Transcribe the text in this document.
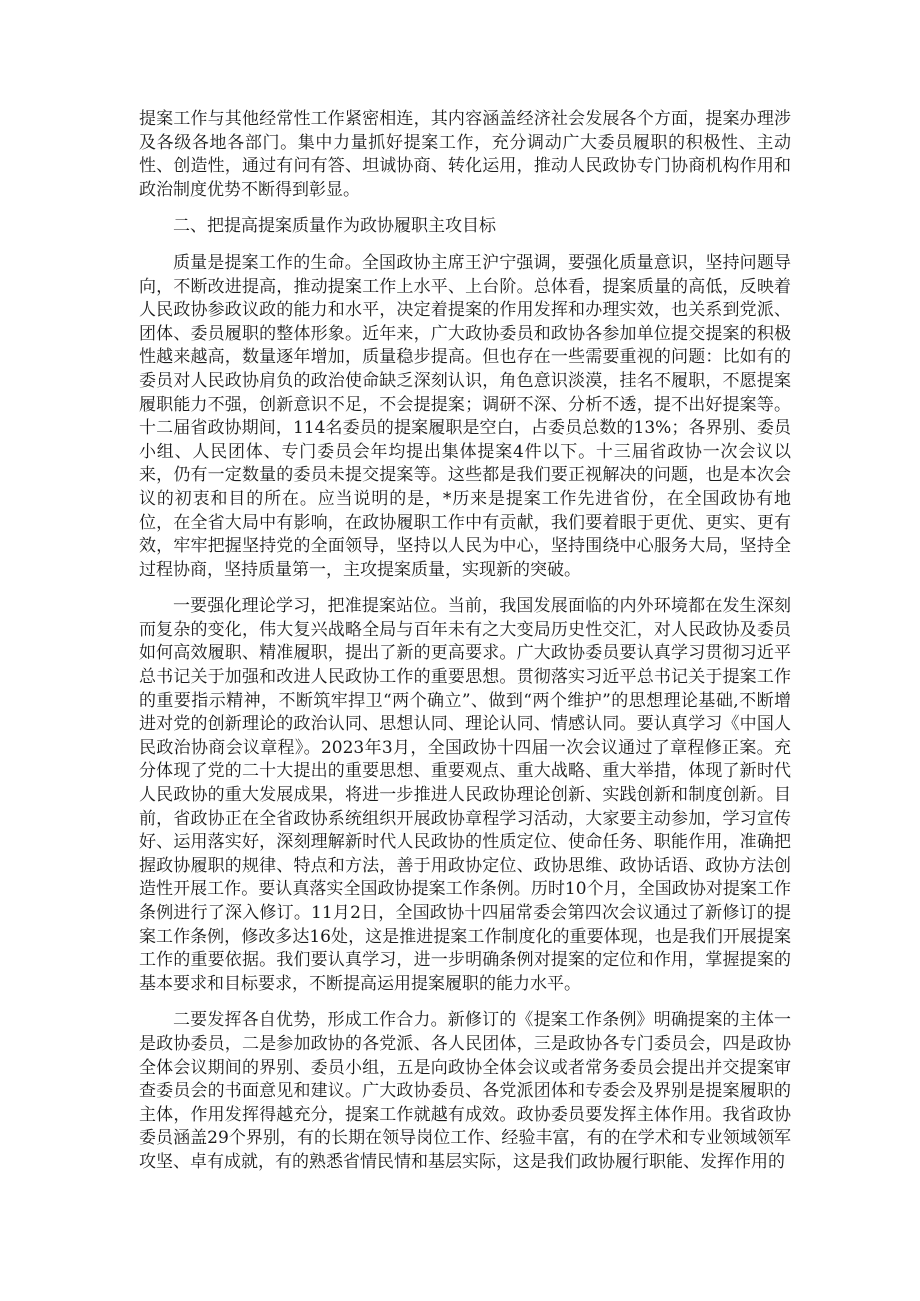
提案工作与其他经常性工作紧密相连，其内容涵盖经济社会发展各个方面，提案办理涉及各级各地各部门。集中力量抓好提案工作，充分调动广大委员履职的积极性、主动性、创造性，通过有问有答、坦诚协商、转化运用，推动人民政协专门协商机构作用和政治制度优势不断得到彰显。

二、把提高提案质量作为政协履职主攻目标

质量是提案工作的生命。全国政协主席王沪宁强调，要强化质量意识，坚持问题导向，不断改进提高，推动提案工作上水平、上台阶。总体看，提案质量的高低，反映着人民政协参政议政的能力和水平，决定着提案的作用发挥和办理实效，也关系到党派、团体、委员履职的整体形象。近年来，广大政协委员和政协各参加单位提交提案的积极性越来越高，数量逐年增加，质量稳步提高。但也存在一些需要重视的问题：比如有的委员对人民政协肩负的政治使命缺乏深刻认识，角色意识淡漠，挂名不履职，不愿提案履职能力不强，创新意识不足，不会提提案；调研不深、分析不透，提不出好提案等。十二届省政协期间，114名委员的提案履职是空白，占委员总数的13%；各界别、委员小组、人民团体、专门委员会年均提出集体提案4件以下。十三届省政协一次会议以来，仍有一定数量的委员未提交提案等。这些都是我们要正视解决的问题，也是本次会议的初衷和目的所在。应当说明的是，*历来是提案工作先进省份，在全国政协有地位，在全省大局中有影响，在政协履职工作中有贡献，我们要着眼于更优、更实、更有效，牢牢把握坚持党的全面领导，坚持以人民为中心，坚持围绕中心服务大局，坚持全过程协商，坚持质量第一，主攻提案质量，实现新的突破。

一要强化理论学习，把准提案站位。当前，我国发展面临的内外环境都在发生深刻而复杂的变化，伟大复兴战略全局与百年未有之大变局历史性交汇，对人民政协及委员如何高效履职、精准履职，提出了新的更高要求。广大政协委员要认真学习贯彻习近平总书记关于加强和改进人民政协工作的重要思想。贯彻落实习近平总书记关于提案工作的重要指示精神，不断筑牢捍卫“两个确立”、做到“两个维护”的思想理论基础,不断增进对党的创新理论的政治认同、思想认同、理论认同、情感认同。要认真学习《中国人民政治协商会议章程》。2023年3月，全国政协十四届一次会议通过了章程修正案。充分体现了党的二十大提出的重要思想、重要观点、重大战略、重大举措，体现了新时代人民政协的重大发展成果，将进一步推进人民政协理论创新、实践创新和制度创新。目前，省政协正在全省政协系统组织开展政协章程学习活动，大家要主动参加，学习宣传好、运用落实好，深刻理解新时代人民政协的性质定位、使命任务、职能作用，准确把握政协履职的规律、特点和方法，善于用政协定位、政协思维、政协话语、政协方法创造性开展工作。要认真落实全国政协提案工作条例。历时10个月，全国政协对提案工作条例进行了深入修订。11月2日，全国政协十四届常委会第四次会议通过了新修订的提案工作条例，修改多达16处，这是推进提案工作制度化的重要体现，也是我们开展提案工作的重要依据。我们要认真学习，进一步明确条例对提案的定位和作用，掌握提案的基本要求和目标要求，不断提高运用提案履职的能力水平。

二要发挥各自优势，形成工作合力。新修订的《提案工作条例》明确提案的主体一是政协委员，二是参加政协的各党派、各人民团体，三是政协各专门委员会，四是政协全体会议期间的界别、委员小组，五是向政协全体会议或者常务委员会提出并交提案审查委员会的书面意见和建议。广大政协委员、各党派团体和专委会及界别是提案履职的主体，作用发挥得越充分，提案工作就越有成效。政协委员要发挥主体作用。我省政协委员涵盖29个界别，有的长期在领导岗位工作、经验丰富，有的在学术和专业领域领军攻坚、卓有成就，有的熟悉省情民情和基层实际，这是我们政协履行职能、发挥作用的
